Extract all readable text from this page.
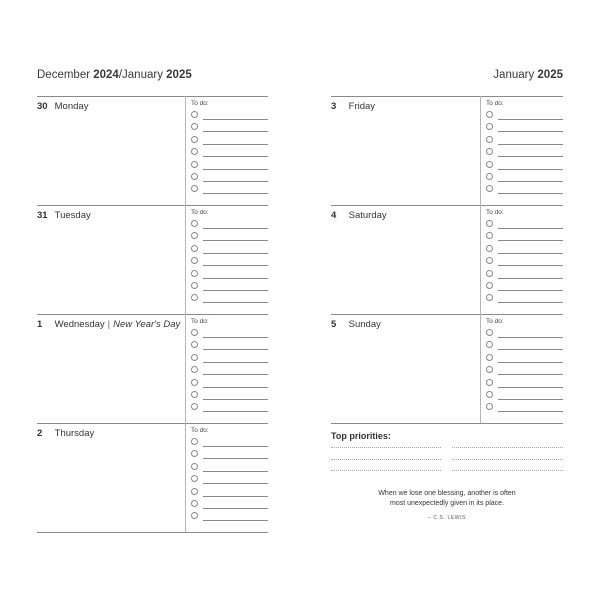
December 2024/January 2025
30 Monday	To do:
31 Tuesday	To do:
1 Wednesday | New Year's Day To do:
2 Thursday	To do:
January 2025
3 Friday	To do:
4 Saturday	To do:
5 Sunday	To do:
Top priorities:
When we lose one blessing, another is often
most unexpectedly given in its place.
– C.S. LEWIS
